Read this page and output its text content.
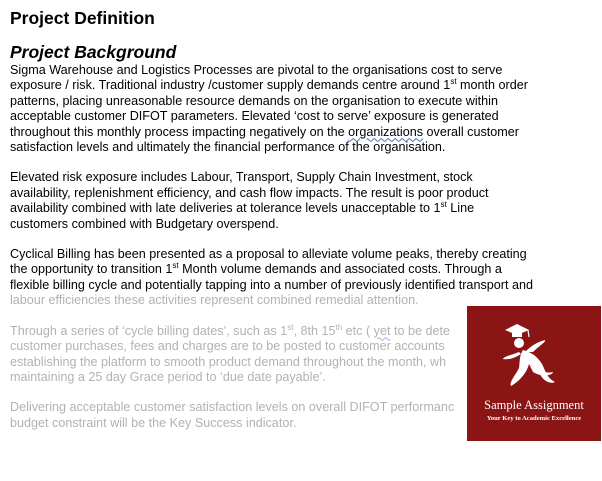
Project Definition
Project Background
Sigma Warehouse and Logistics Processes are pivotal to the organisations cost to serve
exposure / risk. Traditional industry /customer supply demands centre around 1st month order
patterns, placing unreasonable resource demands on the organisation to execute within
acceptable customer DIFOT parameters. Elevated ‘cost to serve’ exposure is generated
throughout this monthly process impacting negatively on the organizations overall customer
satisfaction levels and ultimately the financial performance of the organisation.
Elevated risk exposure includes Labour, Transport, Supply Chain Investment, stock
availability, replenishment efficiency, and cash flow impacts. The result is poor product
availability combined with late deliveries at tolerance levels unacceptable to 1st Line
customers combined with Budgetary overspend.
Cyclical Billing has been presented as a proposal to alleviate volume peaks, thereby creating
the opportunity to transition 1st Month volume demands and associated costs. Through a
flexible billing cycle and potentially tapping into a number of previously identified transport and
labour efficiencies these activities represent combined remedial attention.
Through a series of ‘cycle billing dates’, such as 1st, 8th 15th etc ( yet to be dete
customer purchases, fees and charges are to be posted to customer accounts
establishing the platform to smooth product demand throughout the month, wh
maintaining a 25 day Grace period to ‘due date payable’.
Delivering acceptable customer satisfaction levels on overall DIFOT performanc
budget constraint will be the Key Success indicator.
Sample Assignment
Your Key to Academic Excellence
